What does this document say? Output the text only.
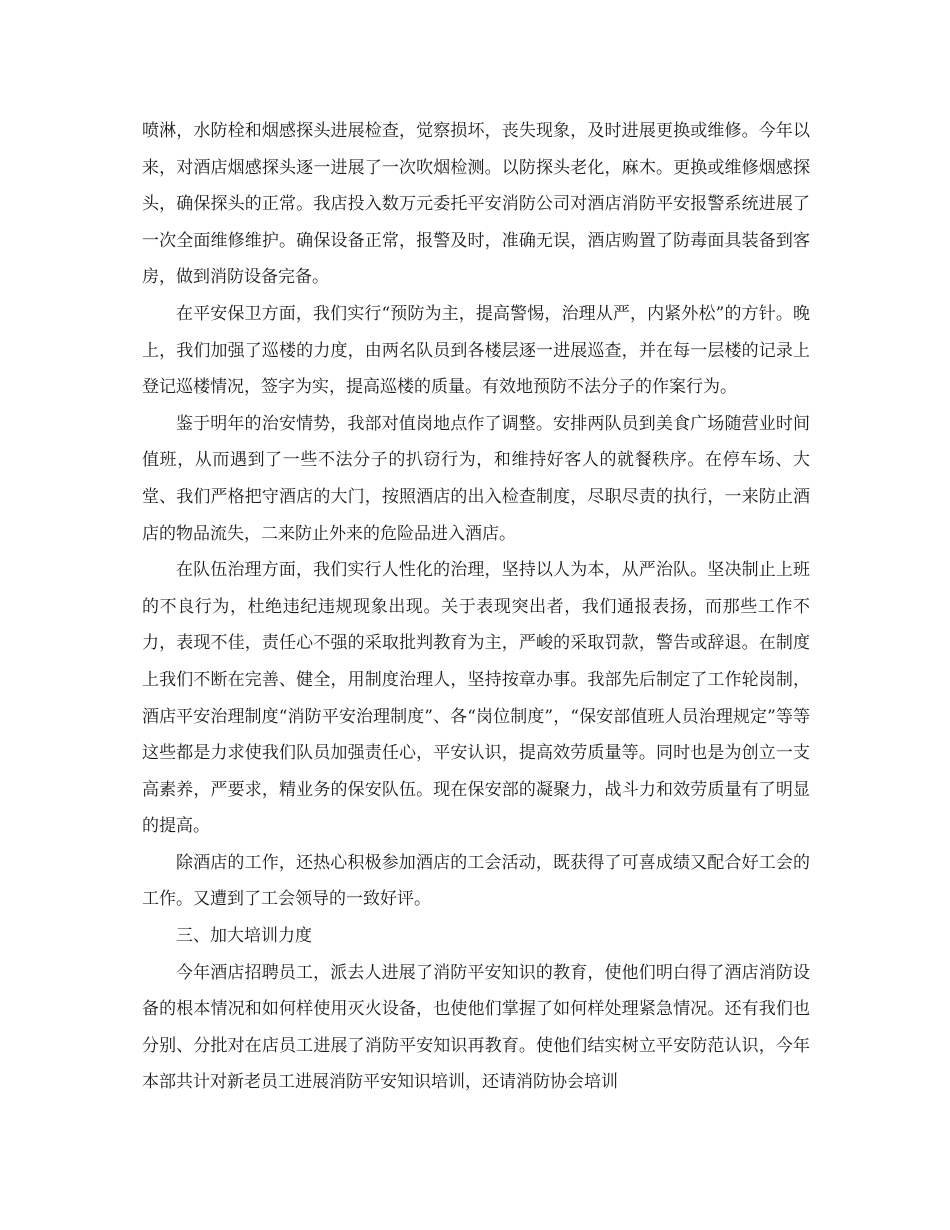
喷淋，水防栓和烟感探头进展检查，觉察损坏，丧失现象，及时进展更换或维修。今年以来，对酒店烟感探头逐一进展了一次吹烟检测。以防探头老化，麻木。更换或维修烟感探头，确保探头的正常。我店投入数万元委托平安消防公司对酒店消防平安报警系统进展了一次全面维修维护。确保设备正常，报警及时，准确无误，酒店购置了防毒面具装备到客房，做到消防设备完备。

在平安保卫方面，我们实行“预防为主，提高警惕，治理从严，内紧外松”的方针。晚上，我们加强了巡楼的力度，由两名队员到各楼层逐一进展巡查，并在每一层楼的记录上登记巡楼情况，签字为实，提高巡楼的质量。有效地预防不法分子的作案行为。

鉴于明年的治安情势，我部对值岗地点作了调整。安排两队员到美食广场随营业时间值班，从而遇到了一些不法分子的扒窃行为，和维持好客人的就餐秩序。在停车场、大堂、我们严格把守酒店的大门，按照酒店的出入检查制度，尽职尽责的执行，一来防止酒店的物品流失，二来防止外来的危险品进入酒店。

在队伍治理方面，我们实行人性化的治理，坚持以人为本，从严治队。坚决制止上班的不良行为，杜绝违纪违规现象出现。关于表现突出者，我们通报表扬，而那些工作不力，表现不佳，责任心不强的采取批判教育为主，严峻的采取罚款，警告或辞退。在制度上我们不断在完善、健全，用制度治理人，坚持按章办事。我部先后制定了工作轮岗制，酒店平安治理制度“消防平安治理制度”、各“岗位制度”，“保安部值班人员治理规定”等等这些都是力求使我们队员加强责任心，平安认识，提高效劳质量等。同时也是为创立一支高素养，严要求，精业务的保安队伍。现在保安部的凝聚力，战斗力和效劳质量有了明显的提高。

除酒店的工作，还热心积极参加酒店的工会活动，既获得了可喜成绩又配合好工会的工作。又遭到了工会领导的一致好评。

三、加大培训力度

今年酒店招聘员工，派去人进展了消防平安知识的教育，使他们明白得了酒店消防设备的根本情况和如何样使用灭火设备，也使他们掌握了如何样处理紧急情况。还有我们也分别、分批对在店员工进展了消防平安知识再教育。使他们结实树立平安防范认识，今年本部共计对新老员工进展消防平安知识培训，还请消防协会培训
